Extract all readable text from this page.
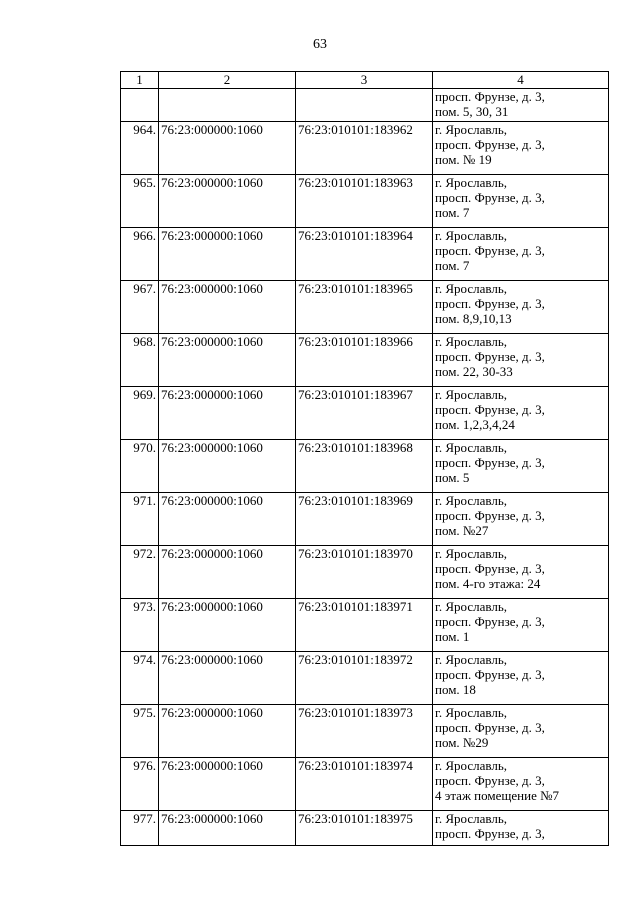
63
1	2	3	4

			просп. Фрунзе, д. 3,
пом. 5, 30, 31

964.	76:23:000000:1060	76:23:010101:183962	г. Ярославль,
просп. Фрунзе, д. 3,
пом. № 19

965.	76:23:000000:1060	76:23:010101:183963	г. Ярославль,
просп. Фрунзе, д. 3,
пом. 7

966.	76:23:000000:1060	76:23:010101:183964	г. Ярославль,
просп. Фрунзе, д. 3,
пом. 7

967.	76:23:000000:1060	76:23:010101:183965	г. Ярославль,
просп. Фрунзе, д. 3,
пом. 8,9,10,13

968.	76:23:000000:1060	76:23:010101:183966	г. Ярославль,
просп. Фрунзе, д. 3,
пом. 22, 30-33

969.	76:23:000000:1060	76:23:010101:183967	г. Ярославль,
просп. Фрунзе, д. 3,
пом. 1,2,3,4,24

970.	76:23:000000:1060	76:23:010101:183968	г. Ярославль,
просп. Фрунзе, д. 3,
пом. 5

971.	76:23:000000:1060	76:23:010101:183969	г. Ярославль,
просп. Фрунзе, д. 3,
пом. №27

972.	76:23:000000:1060	76:23:010101:183970	г. Ярославль,
просп. Фрунзе, д. 3,
пом. 4-го этажа: 24

973.	76:23:000000:1060	76:23:010101:183971	г. Ярославль,
просп. Фрунзе, д. 3,
пом. 1

974.	76:23:000000:1060	76:23:010101:183972	г. Ярославль,
просп. Фрунзе, д. 3,
пом. 18

975.	76:23:000000:1060	76:23:010101:183973	г. Ярославль,
просп. Фрунзе, д. 3,
пом. №29

976.	76:23:000000:1060	76:23:010101:183974	г. Ярославль,
просп. Фрунзе, д. 3,
4 этаж помещение №7

977.	76:23:000000:1060	76:23:010101:183975	г. Ярославль,
просп. Фрунзе, д. 3,
